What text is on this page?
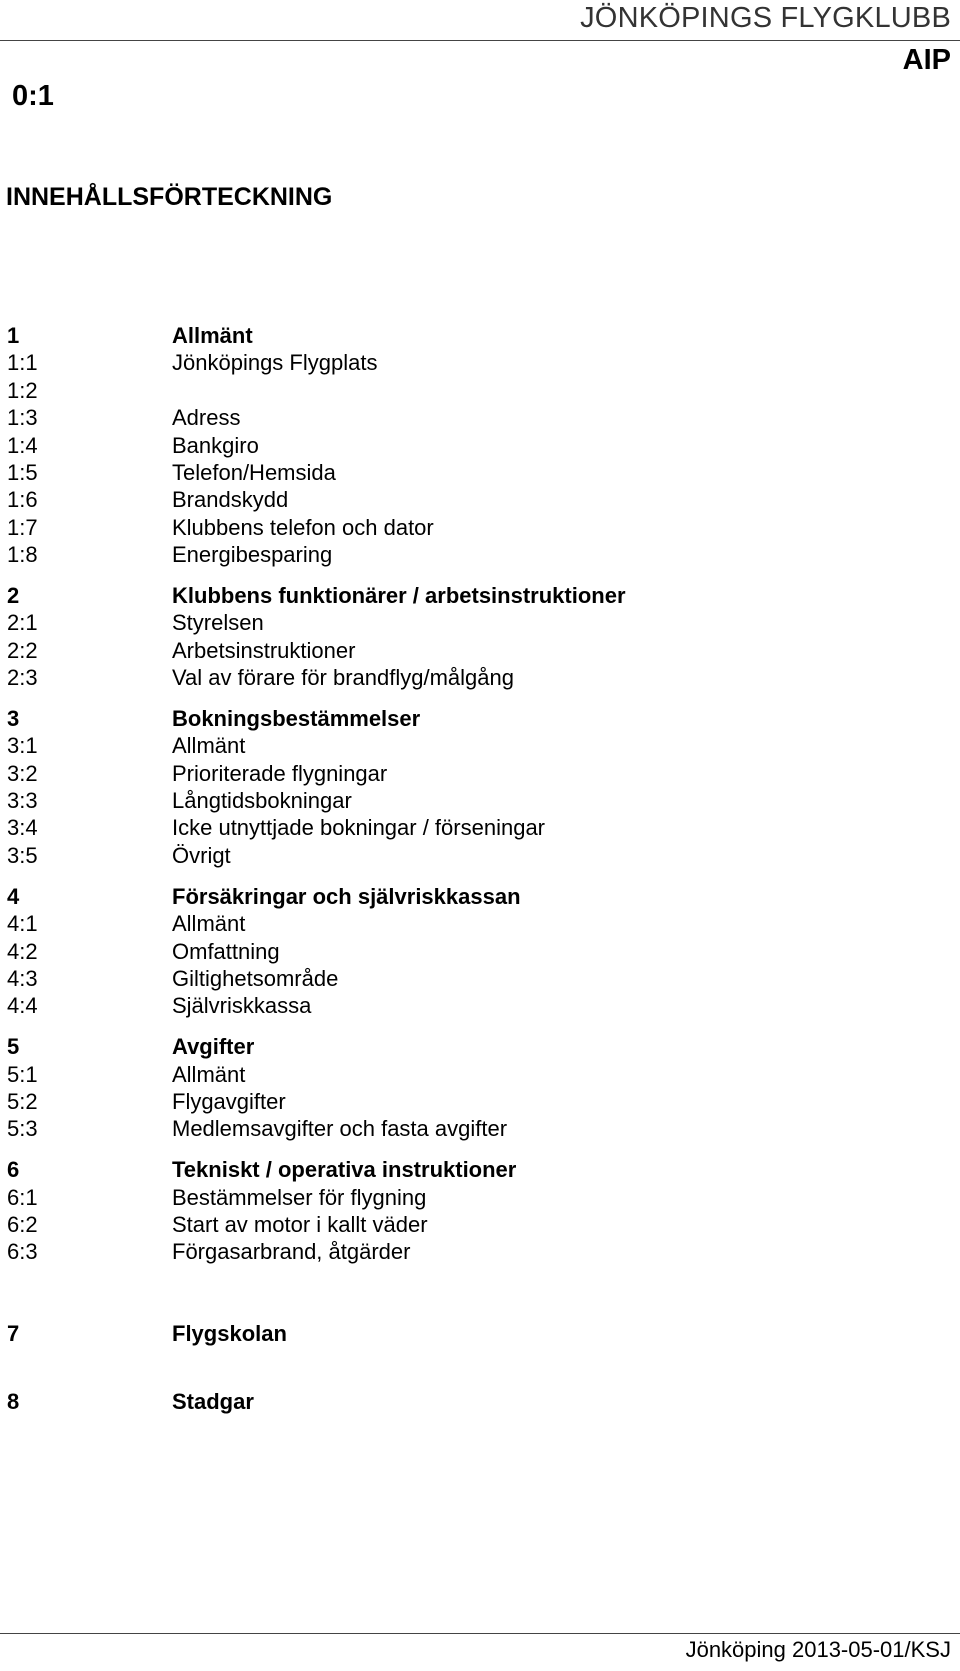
JÖNKÖPINGS FLYGKLUBB
AIP
0:1
INNEHÅLLSFÖRTECKNING
1	Allmänt
1:1	Jönköpings Flygplats
1:2
1:3	Adress
1:4	Bankgiro
1:5	Telefon/Hemsida
1:6	Brandskydd
1:7	Klubbens telefon och dator
1:8	Energibesparing
2	Klubbens funktionärer / arbetsinstruktioner
2:1	Styrelsen
2:2	Arbetsinstruktioner
2:3	Val av förare för brandflyg/målgång
3	Bokningsbestämmelser
3:1	Allmänt
3:2	Prioriterade flygningar
3:3	Långtidsbokningar
3:4	Icke utnyttjade bokningar / förseningar
3:5	Övrigt
4	Försäkringar och självriskkassan
4:1	Allmänt
4:2	Omfattning
4:3	Giltighetsområde
4:4	Självriskkassa
5	Avgifter
5:1	Allmänt
5:2	Flygavgifter
5:3	Medlemsavgifter och fasta avgifter
6	Tekniskt / operativa instruktioner
6:1	Bestämmelser för flygning
6:2	Start av motor i kallt väder
6:3	Förgasarbrand, åtgärder
7	Flygskolan
8	Stadgar
Jönköping 2013-05-01/KSJ
